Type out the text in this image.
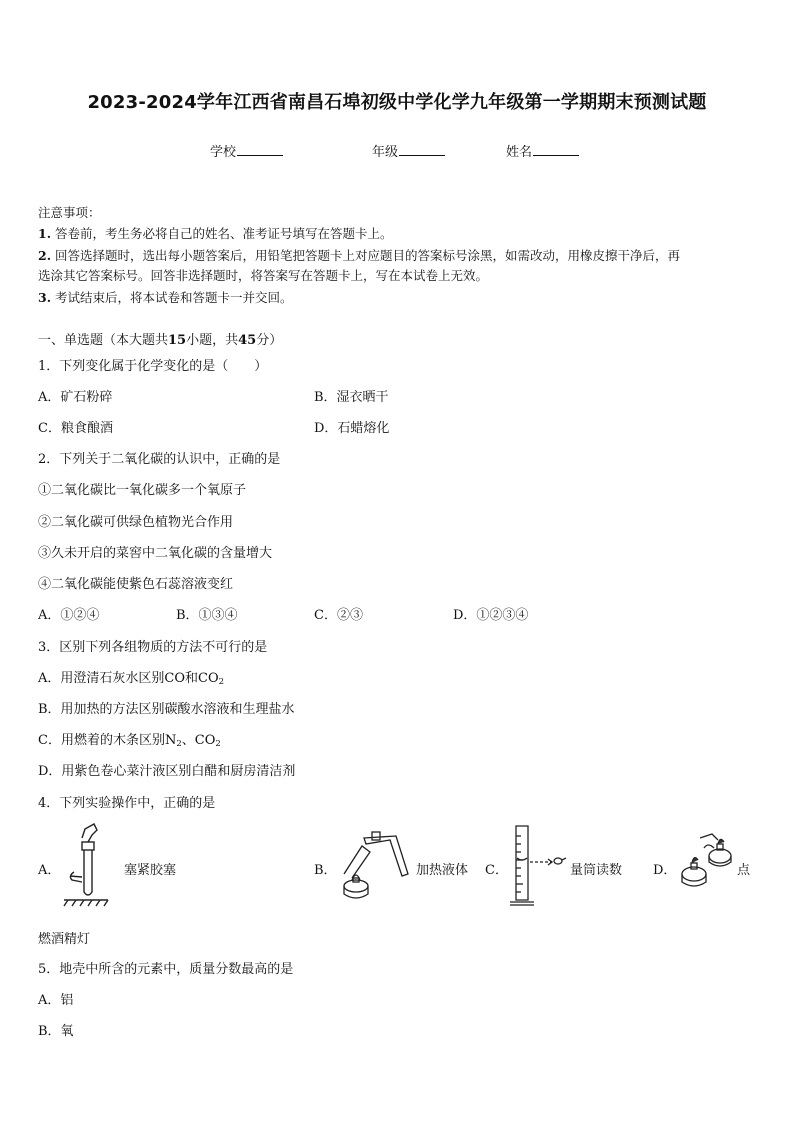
2023-2024学年江西省南昌石埠初级中学化学九年级第一学期期末预测试题
学校	年级	姓名
注意事项：
1. 答卷前，考生务必将自己的姓名、准考证号填写在答题卡上。
2. 回答选择题时，选出每小题答案后，用铅笔把答题卡上对应题目的答案标号涂黑，如需改动，用橡皮擦干净后，再
选涂其它答案标号。回答非选择题时，将答案写在答题卡上，写在本试卷上无效。
3. 考试结束后，将本试卷和答题卡一并交回。
一、单选题（本大题共15小题，共45分）
1．下列变化属于化学变化的是（　　）
A．矿石粉碎	B．湿衣晒干
C．粮食酿酒	D．石蜡熔化
2．下列关于二氧化碳的认识中，正确的是
①二氧化碳比一氧化碳多一个氧原子
②二氧化碳可供绿色植物光合作用
③久未开启的菜窖中二氧化碳的含量增大
④二氧化碳能使紫色石蕊溶液变红
A．①②④	B．①③④	C．②③	D．①②③④
3．区别下列各组物质的方法不可行的是
A．用澄清石灰水区别CO和$CO_2$
B．用加热的方法区别碳酸水溶液和生理盐水
C．用燃着的木条区别$N_2$、$CO_2$
D．用紫色卷心菜汁液区别白醋和厨房清洁剂
4．下列实验操作中，正确的是
A．	塞紧胶塞	B．	加热液体 C．	量筒读数 D．	点
燃酒精灯
5．地壳中所含的元素中，质量分数最高的是
A．铝
B．氧
